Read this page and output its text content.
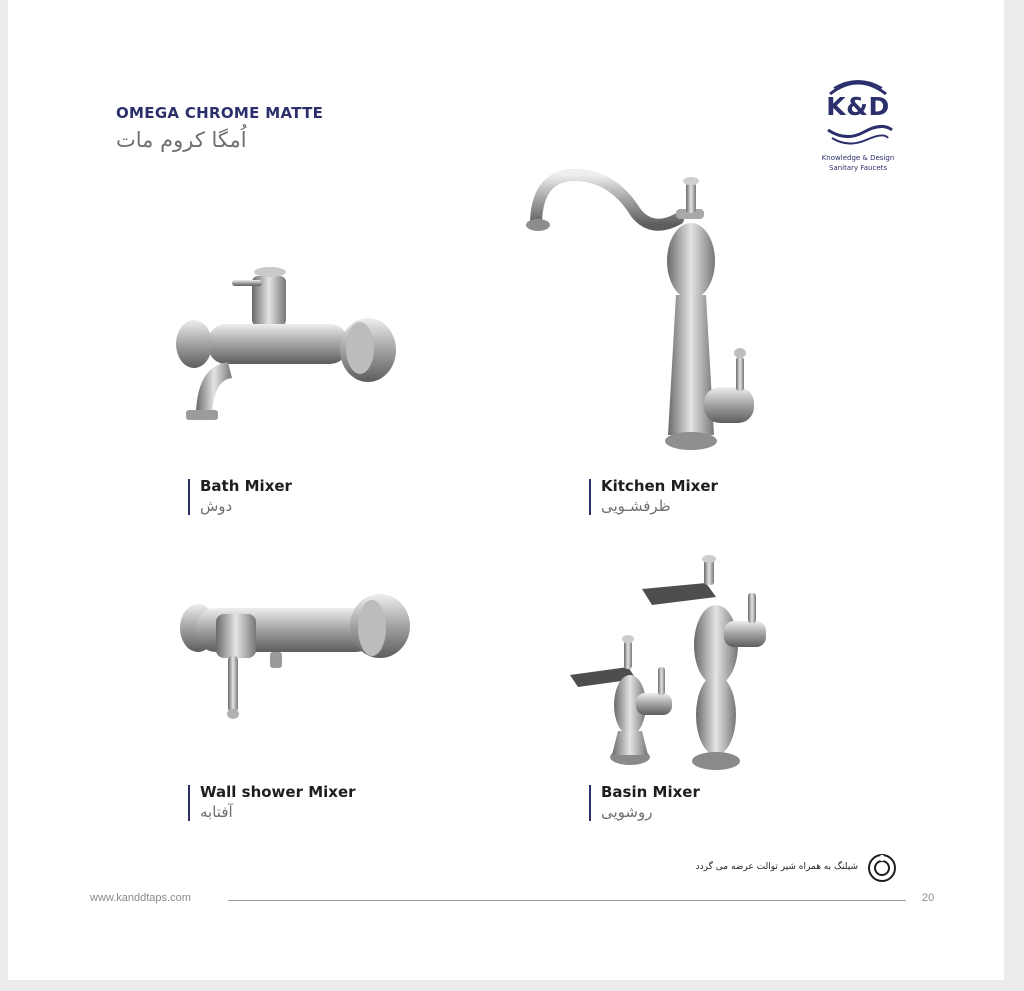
OMEGA CHROME MATTE
اُمگا کروم مات
K&D
Knowledge & Design
Sanitary Faucets
Bath Mixer
دوش
Kitchen Mixer
ظرفشـویی
Wall shower Mixer
آفتابه
Basin Mixer
روشویی
شیلنگ به همراه شیر توالت عرضه می گردد
www.kanddtaps.com	20
